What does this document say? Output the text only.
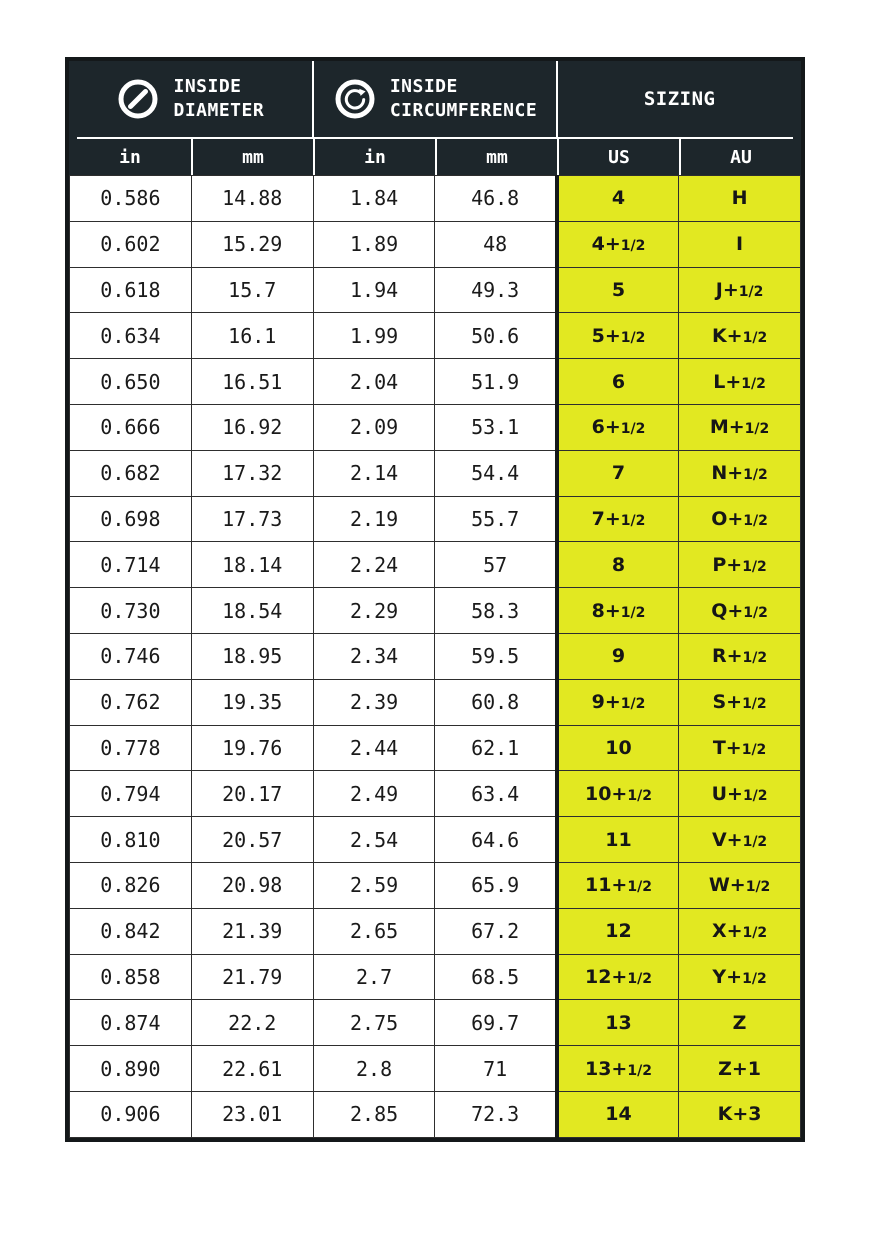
INSIDE
DIAMETER
INSIDE
CIRCUMFERENCE
SIZING
in	mm	in	mm	US	AU
0.586	14.88	1.84	46.8	4	H
0.602	15.29	1.89	48	4+1/2	I
0.618	15.7	1.94	49.3	5	J+1/2
0.634	16.1	1.99	50.6	5+1/2	K+1/2
0.650	16.51	2.04	51.9	6	L+1/2
0.666	16.92	2.09	53.1	6+1/2	M+1/2
0.682	17.32	2.14	54.4	7	N+1/2
0.698	17.73	2.19	55.7	7+1/2	O+1/2
0.714	18.14	2.24	57	8	P+1/2
0.730	18.54	2.29	58.3	8+1/2	Q+1/2
0.746	18.95	2.34	59.5	9	R+1/2
0.762	19.35	2.39	60.8	9+1/2	S+1/2
0.778	19.76	2.44	62.1	10	T+1/2
0.794	20.17	2.49	63.4	10+1/2	U+1/2
0.810	20.57	2.54	64.6	11	V+1/2
0.826	20.98	2.59	65.9	11+1/2	W+1/2
0.842	21.39	2.65	67.2	12	X+1/2
0.858	21.79	2.7	68.5	12+1/2	Y+1/2
0.874	22.2	2.75	69.7	13	Z
0.890	22.61	2.8	71	13+1/2	Z+1
0.906	23.01	2.85	72.3	14	K+3
